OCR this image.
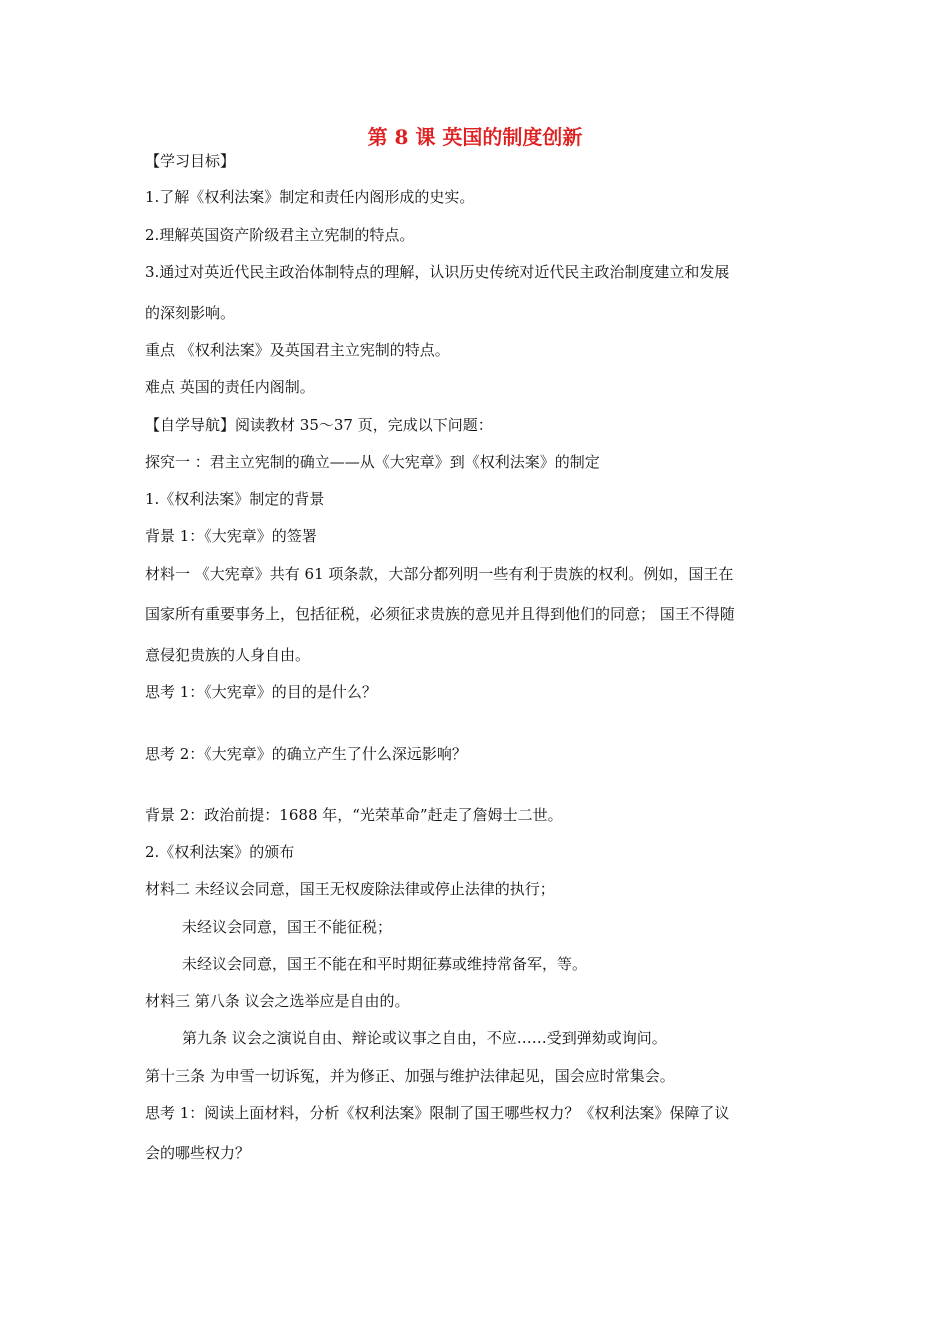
第 8 课 英国的制度创新
【学习目标】
1.了解《权利法案》制定和责任内阁形成的史实。
2.理解英国资产阶级君主立宪制的特点。
3.通过对英近代民主政治体制特点的理解，认识历史传统对近代民主政治制度建立和发展
的深刻影响。
重点 《权利法案》及英国君主立宪制的特点。
难点 英国的责任内阁制。
【自学导航】阅读教材 35～37 页，完成以下问题：
探究一 ：君主立宪制的确立——从《大宪章》到《权利法案》的制定
1.《权利法案》制定的背景
背景 1：《大宪章》的签署
材料一 《大宪章》共有 61 项条款，大部分都列明一些有利于贵族的权利。例如，国王在
国家所有重要事务上，包括征税，必须征求贵族的意见并且得到他们的同意； 国王不得随
意侵犯贵族的人身自由。
思考 1：《大宪章》的目的是什么？
思考 2：《大宪章》的确立产生了什么深远影响？
背景 2：政治前提：1688 年，“光荣革命”赶走了詹姆士二世。
2.《权利法案》的颁布
材料二 未经议会同意，国王无权废除法律或停止法律的执行；
未经议会同意，国王不能征税；
未经议会同意，国王不能在和平时期征募或维持常备军，等。
材料三 第八条 议会之选举应是自由的。
第九条 议会之演说自由、辩论或议事之自由，不应……受到弹劾或询问。
第十三条 为申雪一切诉冤，并为修正、加强与维护法律起见，国会应时常集会。
思考 1：阅读上面材料，分析《权利法案》限制了国王哪些权力？《权利法案》保障了议
会的哪些权力？
